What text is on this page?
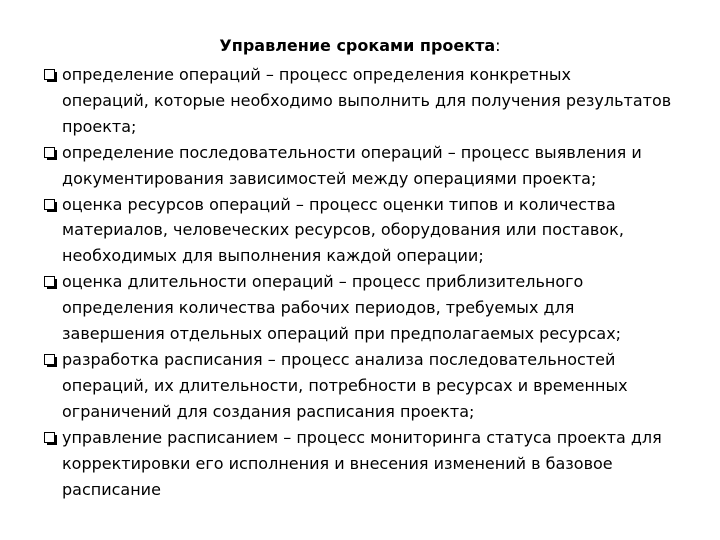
Управление сроками проекта:
определение операций – процесс определения конкретных
операций, которые необходимо выполнить для получения результатов
проекта;
определение последовательности операций – процесс выявления и
документирования зависимостей между операциями проекта;
оценка ресурсов операций – процесс оценки типов и количества
материалов, человеческих ресурсов, оборудования или поставок,
необходимых для выполнения каждой операции;
оценка длительности операций – процесс приблизительного
определения количества рабочих периодов, требуемых для
завершения отдельных операций при предполагаемых ресурсах;
разработка расписания – процесс анализа последовательностей
операций, их длительности, потребности в ресурсах и временных
ограничений для создания расписания проекта;
управление расписанием – процесс мониторинга статуса проекта для
корректировки его исполнения и внесения изменений в базовое
расписание
